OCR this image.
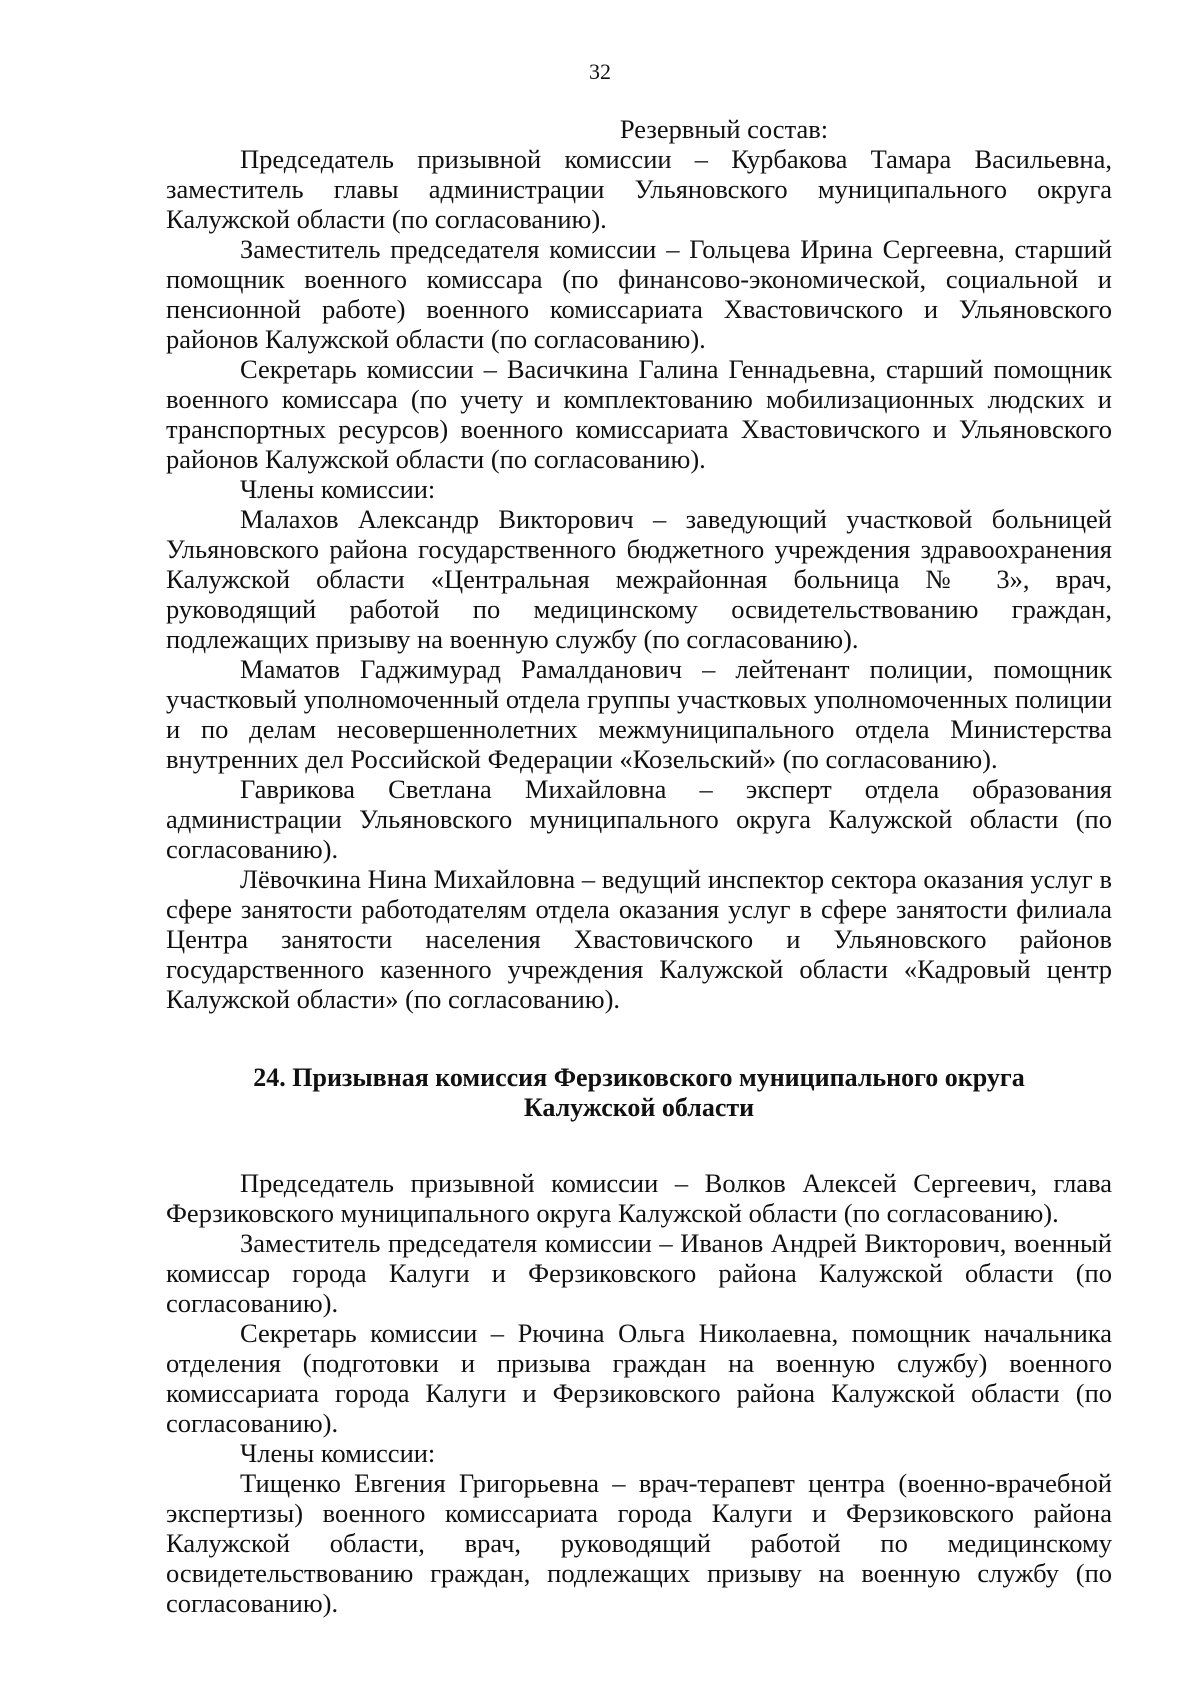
32

Резервный состав:

Председатель призывной комиссии – Курбакова Тамара Васильевна, заместитель главы администрации Ульяновского муниципального округа Калужской области (по согласованию).

Заместитель председателя комиссии – Гольцева Ирина Сергеевна, старший помощник военного комиссара (по финансово-экономической, социальной и пенсионной работе) военного комиссариата Хвастовичского и Ульяновского районов Калужской области (по согласованию).

Секретарь комиссии – Васичкина Галина Геннадьевна, старший помощник военного комиссара (по учету и комплектованию мобилизационных людских и транспортных ресурсов) военного комиссариата Хвастовичского и Ульяновского районов Калужской области (по согласованию).

Члены комиссии:

Малахов Александр Викторович – заведующий участковой больницей Ульяновского района государственного бюджетного учреждения здравоохранения Калужской области «Центральная межрайонная больница № 3», врач, руководящий работой по медицинскому освидетельствованию граждан, подлежащих призыву на военную службу (по согласованию).

Маматов Гаджимурад Рамалданович – лейтенант полиции, помощник участковый уполномоченный отдела группы участковых уполномоченных полиции и по делам несовершеннолетних межмуниципального отдела Министерства внутренних дел Российской Федерации «Козельский» (по согласованию).

Гаврикова Светлана Михайловна – эксперт отдела образования администрации Ульяновского муниципального округа Калужской области (по согласованию).

Лёвочкина Нина Михайловна – ведущий инспектор сектора оказания услуг в сфере занятости работодателям отдела оказания услуг в сфере занятости филиала Центра занятости населения Хвастовичского и Ульяновского районов государственного казенного учреждения Калужской области «Кадровый центр Калужской области» (по согласованию).

24. Призывная комиссия Ферзиковского муниципального округа
Калужской области

Председатель призывной комиссии – Волков Алексей Сергеевич, глава Ферзиковского муниципального округа Калужской области (по согласованию).

Заместитель председателя комиссии – Иванов Андрей Викторович, военный комиссар города Калуги и Ферзиковского района Калужской области (по согласованию).

Секретарь комиссии – Рючина Ольга Николаевна, помощник начальника отделения (подготовки и призыва граждан на военную службу) военного комиссариата города Калуги и Ферзиковского района Калужской области (по согласованию).

Члены комиссии:

Тищенко Евгения Григорьевна – врач-терапевт центра (военно-врачебной экспертизы) военного комиссариата города Калуги и Ферзиковского района Калужской области, врач, руководящий работой по медицинскому освидетельствованию граждан, подлежащих призыву на военную службу (по согласованию).
